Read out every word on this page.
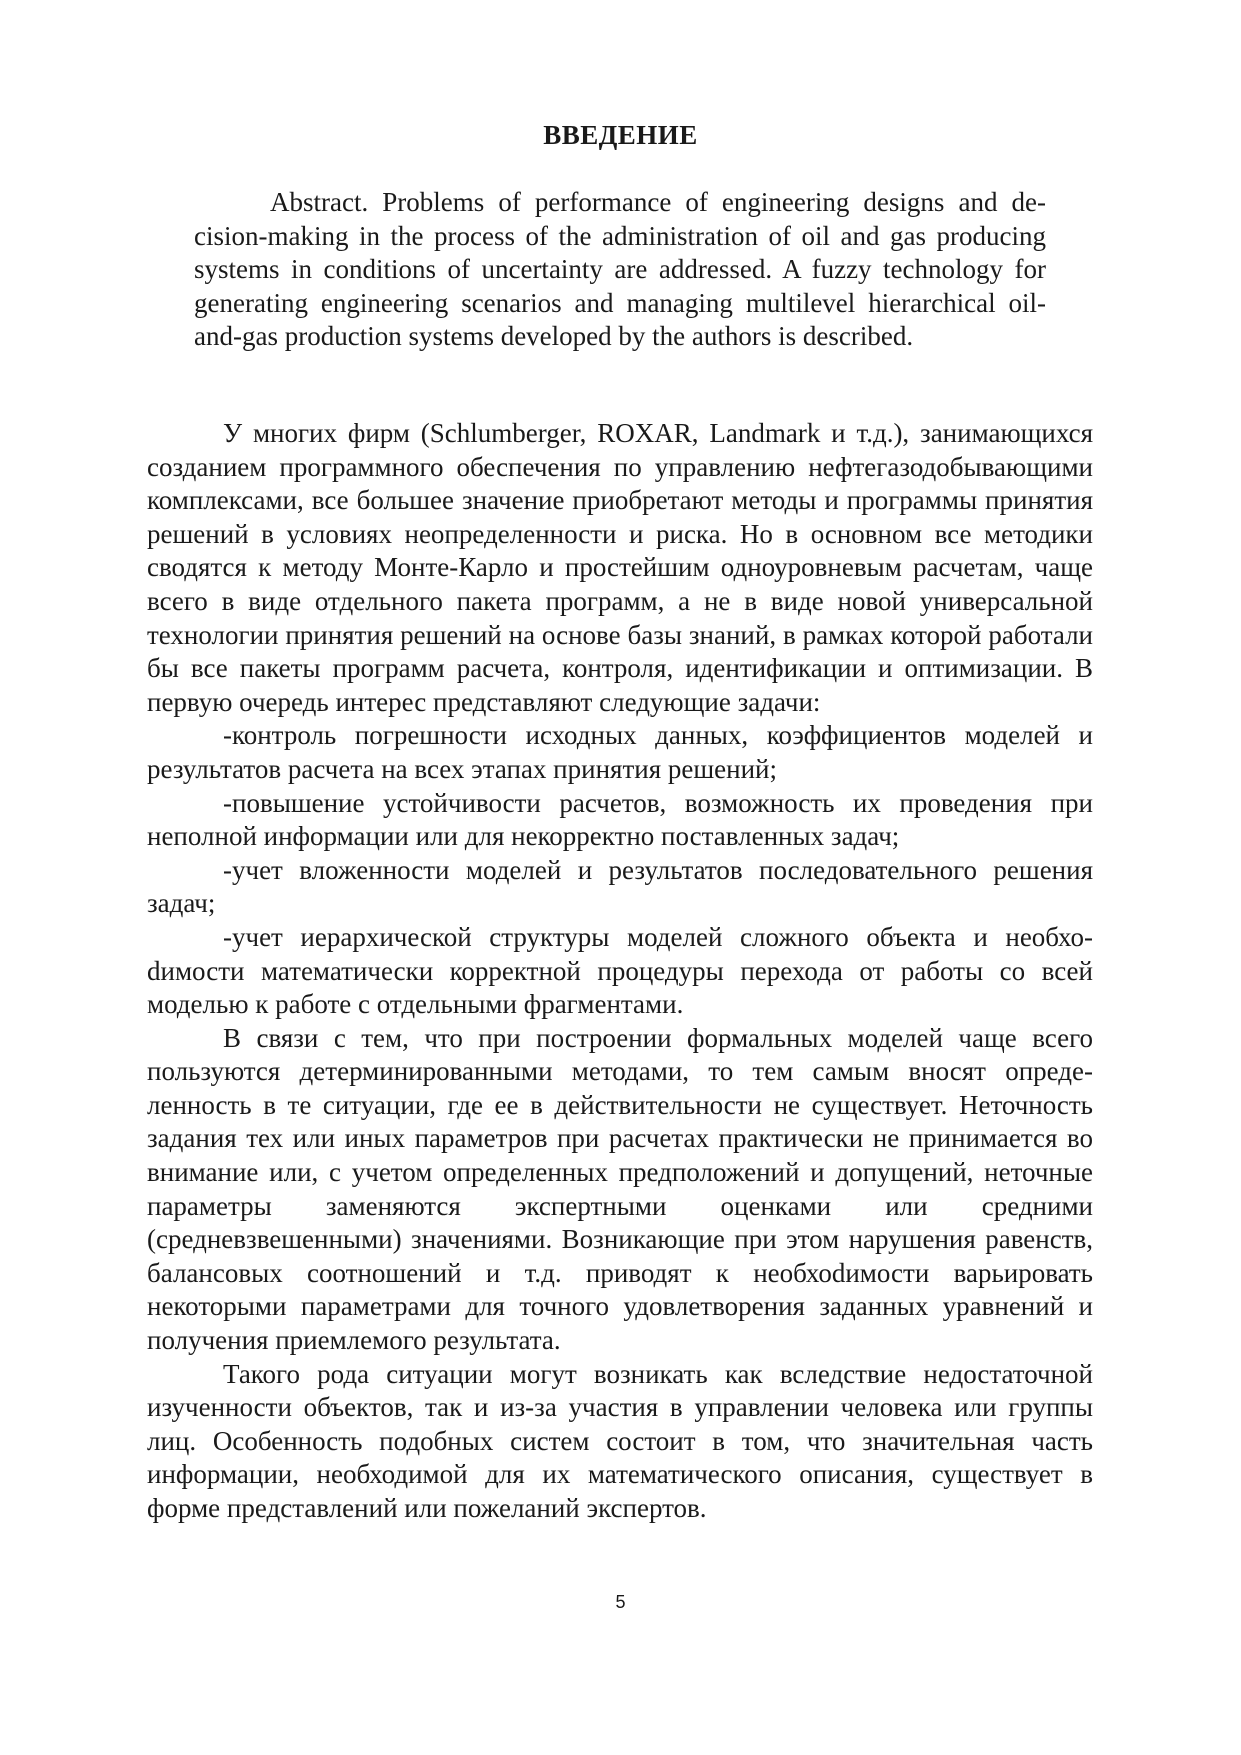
ВВЕДЕНИЕ
Abstract. Problems of performance of engineering designs and decision-making in the process of the administration of oil and gas producing systems in conditions of uncertainty are addressed. A fuzzy technology for generating engineering scenarios and managing multilevel hierarchical oil-and-gas production systems developed by the authors is described.

У многих фирм (Schlumberger, ROXAR, Landmark и т.д.), занимающихся созданием программного обеспечения по управлению нефтегазодобывающими комплексами, все большее значение приобретают методы и программы принятия решений в условиях неопределенности и риска. Но в основном все методики сводятся к методу Монте-Карло и простейшим одноуровневым расчетам, чаще всего в виде отдельного пакета программ, а не в виде новой универсальной технологии принятия решений на основе базы знаний, в рамках которой работали бы все пакеты программ расчета, контроля, идентификации и оптимизации. В первую очередь интерес представляют следующие задачи:

-контроль погрешности исходных данных, коэффициентов моделей и результатов расчета на всех этапах принятия решений;

-повышение устойчивости расчетов, возможность их проведения при неполной информации или для некорректно поставленных задач;

-учет вложенности моделей и результатов последовательного решения задач;

-учет иерархической структуры моделей сложного объекта и необхоdимости математически корректной процедуры перехода от работы со всей моделью к работе с отдельными фрагментами.

В связи с тем, что при построении формальных моделей чаще всего пользуются детерминированными методами, то тем самым вносят определенность в те ситуации, где ее в действительности не существует. Неточность задания тех или иных параметров при расчетах практически не принимается во внимание или, с учетом определенных предположений и допущений, неточные параметры заменяются экспертными оценками или средними (средневзвешенными) значениями. Возникающие при этом нарушения равенств, балансовых соотношений и т.д. приводят к необхоdимости варьировать некоторыми параметрами для точного удовлетворения заданных уравнений и получения приемлемого результата.

Такого рода ситуации могут возникать как вследствие недостаточной изученности объектов, так и из-за участия в управлении человека или группы лиц. Особенность подобных систем состоит в том, что значительная часть информации, необходимой для их математического описания, существует в форме представлений или пожеланий экспертов.

5
